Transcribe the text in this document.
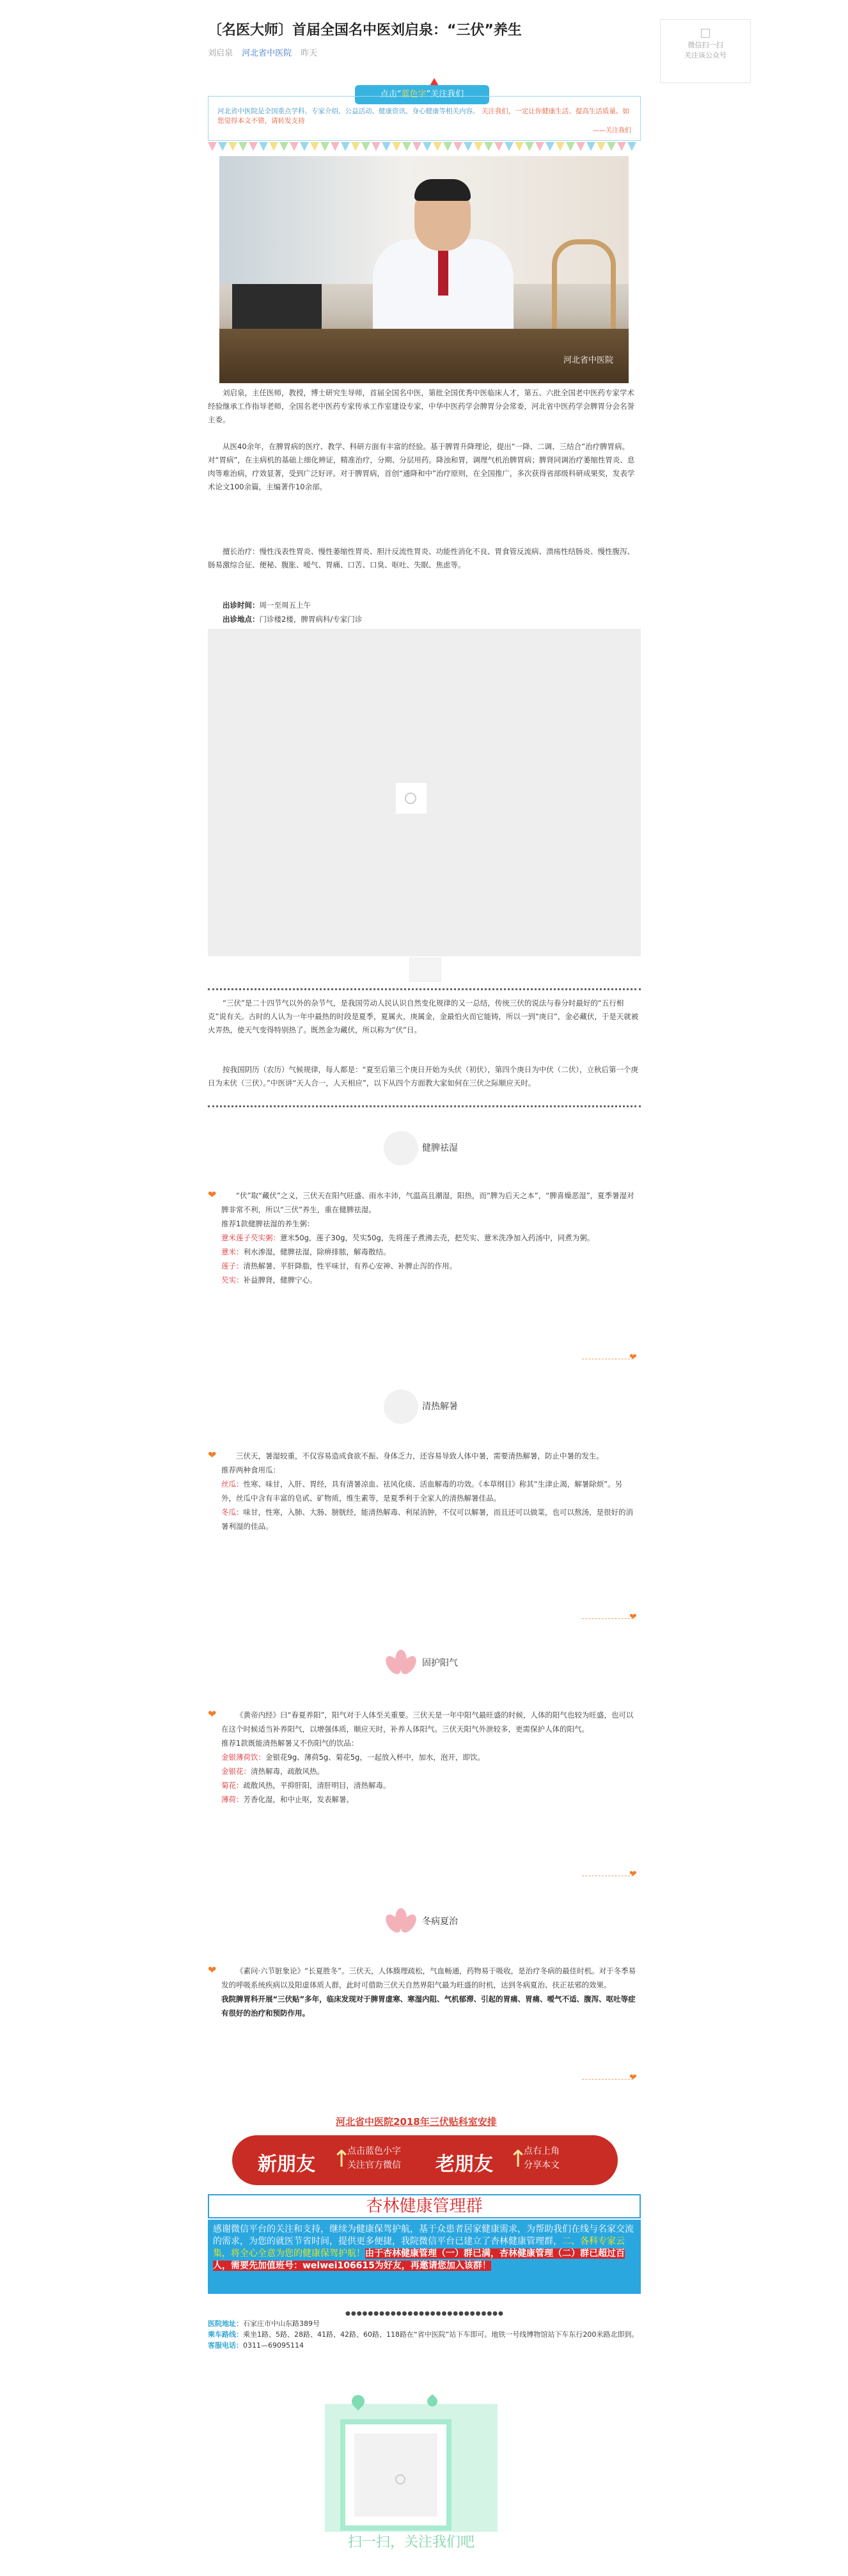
〔名医大师〕首届全国名中医刘启泉：“三伏”养生
刘启泉 河北省中医院 昨天
微信扫一扫
关注该公众号
点击“蓝色字”关注我们
河北省中医院是全国重点学科、专家介绍、公益活动、健康资讯、身心健康等相关内容。 关注我们，一定让你健康生活、提高生活质量。如您觉得本文不错，请转发支持
——关注我们
河北省中医院

刘启泉，主任医师，教授，博士研究生导师，首届全国名中医，第批全国优秀中医临床人才，第五、六批全国老中医药专家学术经验继承工作指导老师，全国名老中医药专家传承工作室建设专家，中华中医药学会脾胃分会常委，河北省中医药学会脾胃分会名誉主委。

从医40余年，在脾胃病的医疗、教学、科研方面有丰富的经验。基于脾胃升降理论，提出“一降、二调、三结合”治疗脾胃病。对“胃病”，在主病机的基础上细化辨证，精准治疗，分期、分层用药。降浊和胃，调理气机治脾胃病；脾肾同调治疗萎缩性胃炎、息肉等难治病，疗效显著，受到广泛好评。对于脾胃病，首创“通降和中”治疗原则，在全国推广，多次获得省部级科研成果奖，发表学术论文100余篇，主编著作10余部。

擅长治疗：慢性浅表性胃炎、慢性萎缩性胃炎、胆汁反流性胃炎、功能性消化不良、胃食管反流病、溃疡性结肠炎、慢性腹泻、肠易激综合征、便秘、腹胀、嗳气、胃痛、口苦、口臭、呕吐、失眠、焦虑等。

出诊时间：周一至周五上午

出诊地点：门诊楼2楼，脾胃病科/专家门诊

“三伏”是二十四节气以外的杂节气，是我国劳动人民认识自然变化规律的又一总结，传统三伏的说法与春分时最好的“五行相克”说有关。古时的人认为一年中最热的时段是夏季，夏属火，庚属金，金最怕火而它能铸，所以一到“庚日”，金必藏伏，于是天就被火弄热，使天气变得特别热了。既然金为藏伏，所以称为“伏”日。

按我国阴历（农历）气候规律，每人都是：“夏至后第三个庚日开始为头伏（初伏），第四个庚日为中伏（二伏），立秋后第一个庚日为末伏（三伏）。”中医讲“天人合一，人天相应”，以下从四个方面教大家如何在三伏之际顺应天时。

健脾祛湿
❤	“伏”取“藏伏”之义，三伏天在阳气旺盛、雨水丰沛，气温高且潮湿，阳热，而“脾为后天之本”，“脾喜燥恶湿”，夏季暑湿对脾非常不利，所以“三伏”养生，重在健脾祛湿。

推荐1款健脾祛湿的养生粥：

薏米莲子芡实粥：薏米50g，莲子30g，芡实50g，先将莲子煮沸去壳，把芡实、薏米洗净加入药汤中，同煮为粥。

薏米：利水渗湿，健脾祛湿，除痹排脓，解毒散结。

莲子：清热解暑、平肝降脂，性平味甘，有养心安神、补脾止泻的作用。

芡实：补益脾肾，健脾宁心。

❤
清热解暑
❤	三伏天，暑湿较重，不仅容易造成食欲不振、身体乏力，还容易导致人体中暑，需要清热解暑，防止中暑的发生。

推荐两种食用瓜：

丝瓜：性寒、味甘，入肝、胃经，具有清暑凉血、祛风化痰、活血解毒的功效。《本草纲目》称其“生津止渴，解暑除烦”。另外，丝瓜中含有丰富的皂甙、矿物质，维生素等，是夏季利于全家人的清热解暑佳品。

冬瓜：味甘，性寒，入肺、大肠、膀胱经，能清热解毒、利尿消肿，不仅可以解暑，而且还可以做菜，也可以熬汤，是很好的消暑利湿的佳品。

❤
固护阳气
❤	《黄帝内经》曰“春夏养阳”，阳气对于人体至关重要。三伏天是一年中阳气最旺盛的时候，人体的阳气也较为旺盛，也可以在这个时候适当补养阳气，以增强体质，顺应天时，补养人体阳气。三伏天阳气外泄较多，更需保护人体的阳气。

推荐1款既能清热解暑又不伤阳气的饮品：

金银薄荷饮：金银花9g、薄荷5g、菊花5g，一起放入杯中，加水，泡开，即饮。

金银花：清热解毒，疏散风热。

菊花：疏散风热，平抑肝阳，清肝明目，清热解毒。

薄荷：芳香化湿，和中止呕，发表解暑。

❤
冬病夏治
❤	《素问·六节脏象论》“长夏胜冬”。三伏天，人体腠理疏松，气血畅通，药物易于吸收，是治疗冬病的最佳时机。对于冬季易发的呼吸系统疾病以及阳虚体质人群，此时可借助三伏天自然界阳气最为旺盛的时机，达到冬病夏治、扶正祛邪的效果。

我院脾胃科开展“三伏贴”多年，临床发现对于脾胃虚寒、寒湿内阻、气机郁滞、引起的胃痛、胃痛、嗳气不适、腹泻、呕吐等症有很好的治疗和预防作用。

❤
河北省中医院2018年三伏贴科室安排
新朋友 ↑
点击蓝色小字
关注官方微信 老朋友 ↑
点右上角
分享本文
杏林健康管理群
感谢微信平台的关注和支持，继续为健康保驾护航，基于众患者居家健康需求，为帮助我们在线与名家交流的需求，为您的就医节省时间，提供更多便捷，我院微信平台已建立了杏林健康管理群，二、各科专家云集，将全心全意为您的健康保驾护航！由于杏林健康管理（一）群已满，杏林健康管理（二）群已超过百人，需要先加值班号：welwei106615为好友，再邀请您加入该群！
●●●●●●●●●●●●●●●●●●●●●●●●●●●●
医院地址：石家庄市中山东路389号
乘车路线：乘坐1路、5路、28路、41路、42路、60路、118路在“省中医院”站下车即可。地铁一号线博物馆站下车东行200米路北即到。
客服电话：0311—69095114
扫一扫，关注我们吧
